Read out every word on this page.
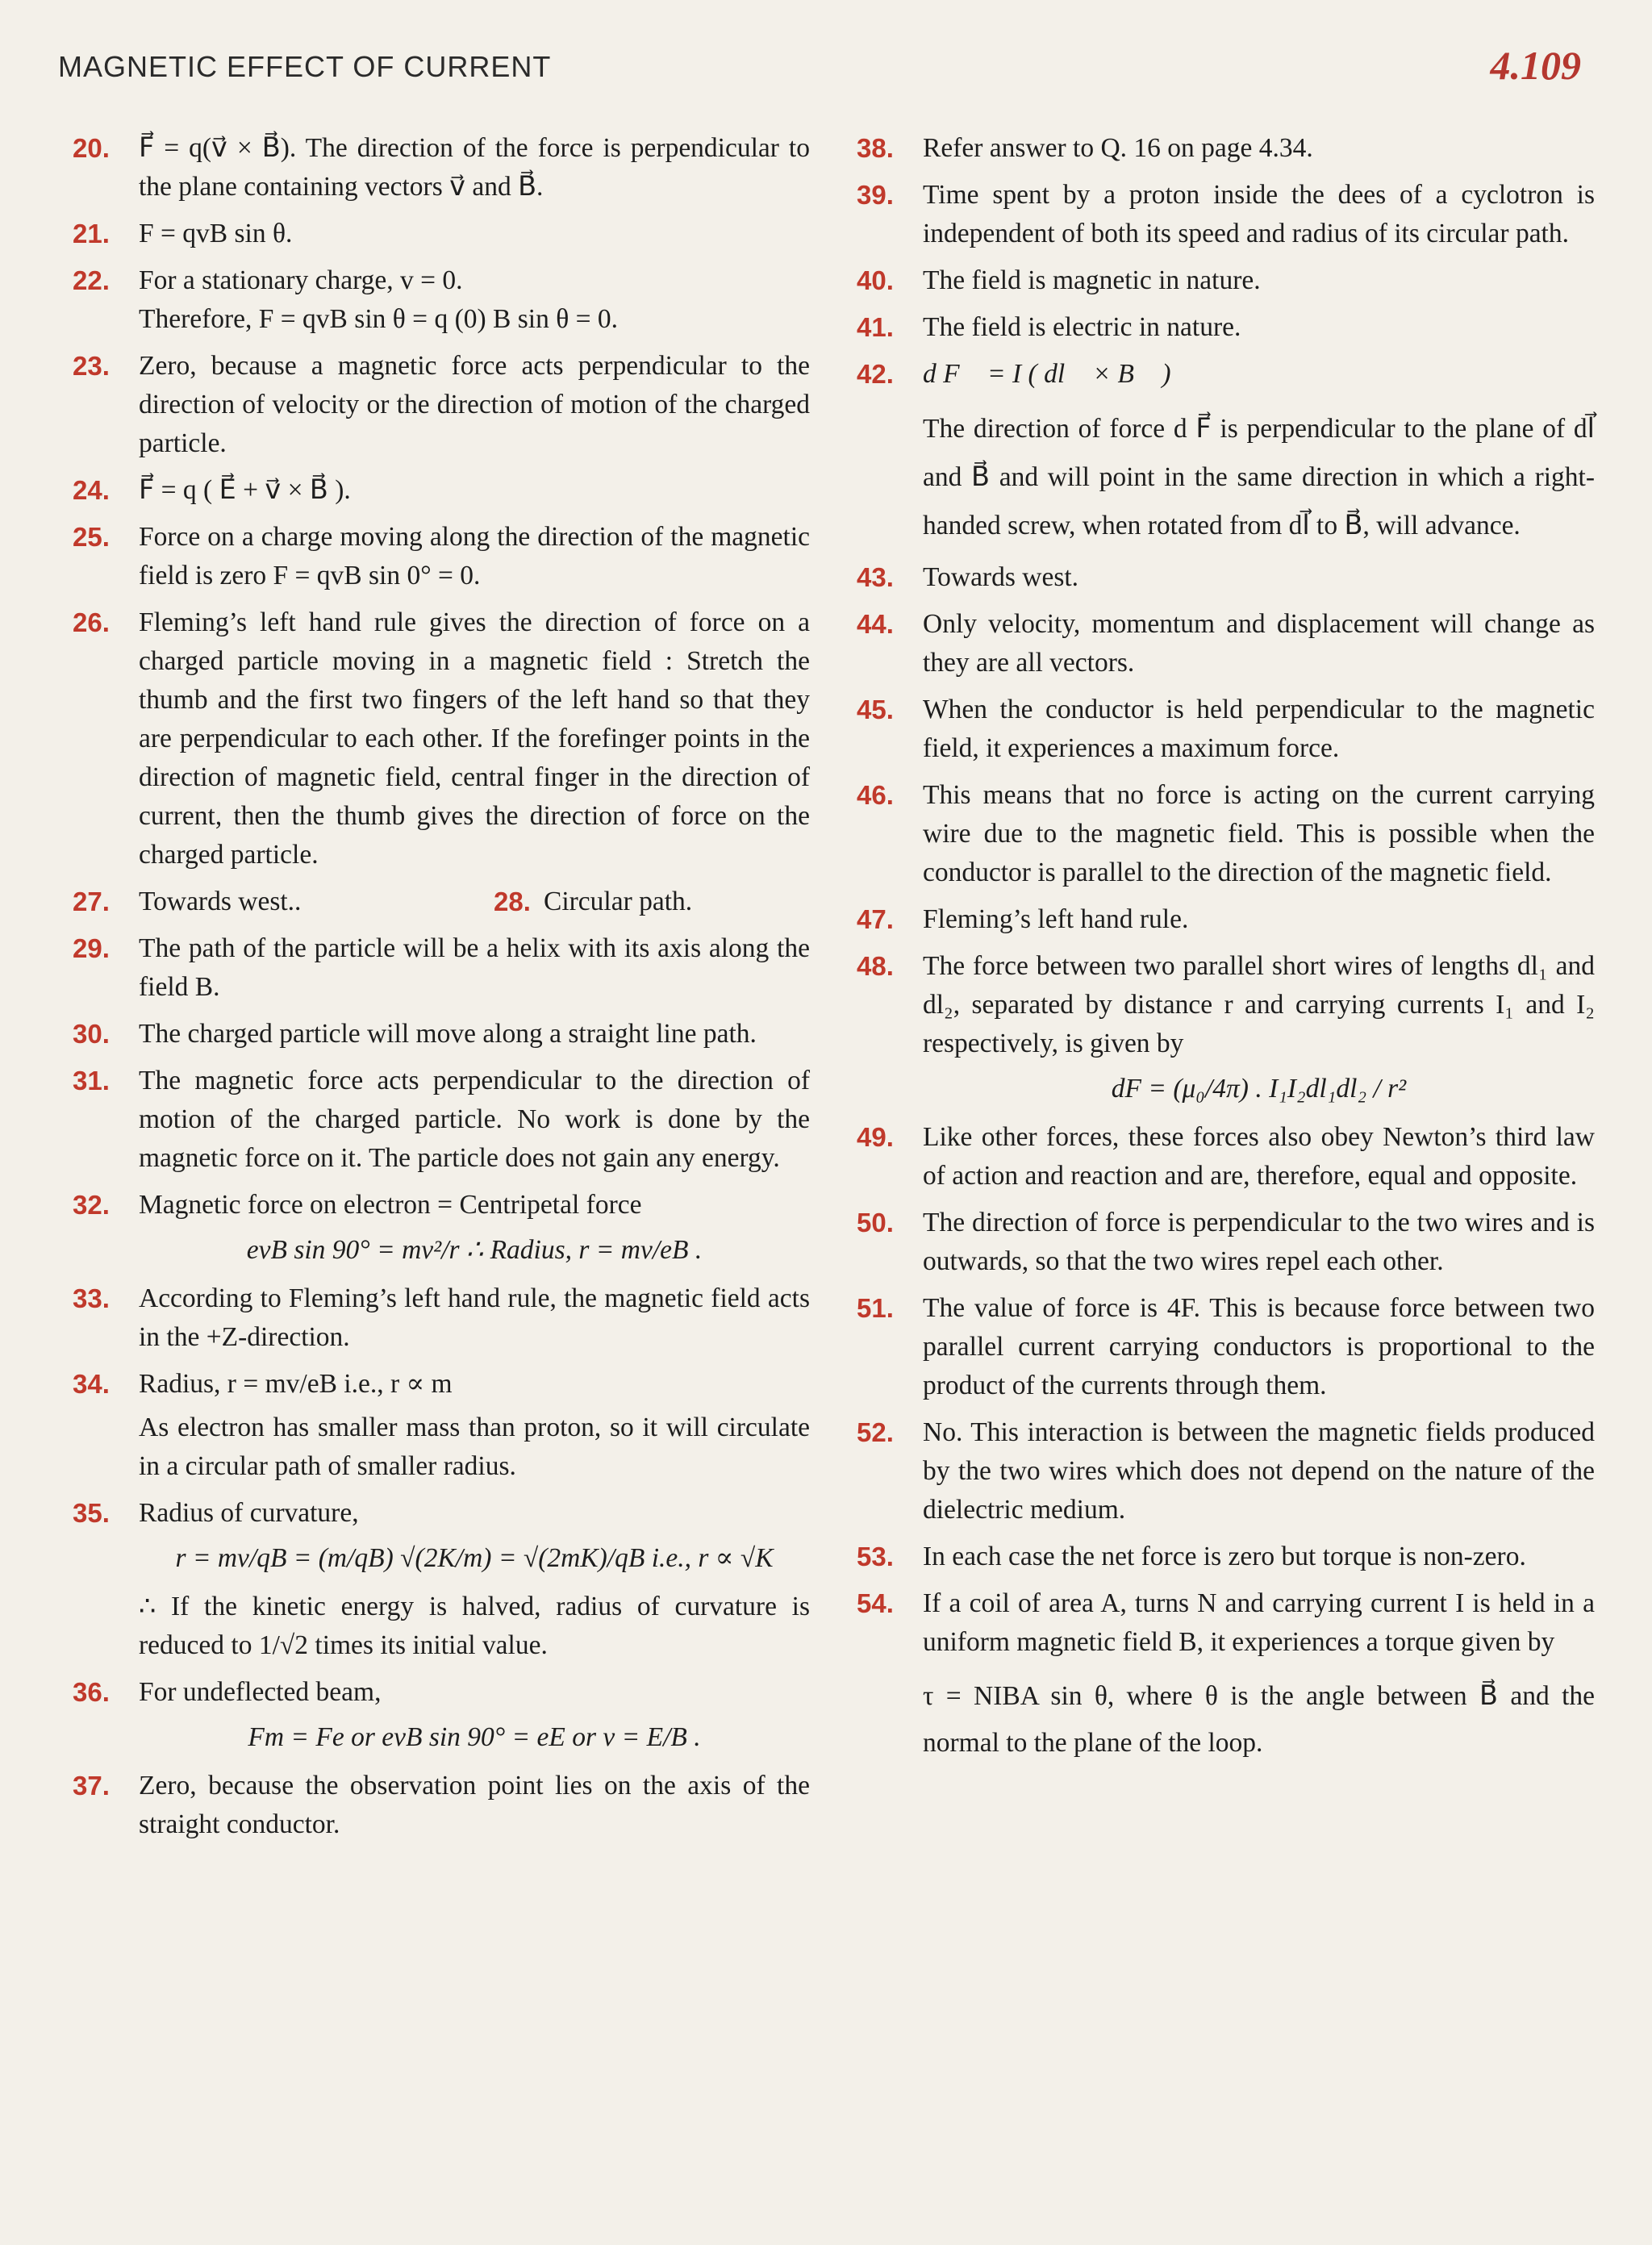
MAGNETIC EFFECT OF CURRENT	4.109
20. F⃗ = q(v⃗ × B⃗). The direction of the force is perpendicular to the plane containing vectors v⃗ and B⃗.
21. F = qvB sin θ.
22. For a stationary charge, v = 0.
Therefore, F = qvB sin θ = q (0) B sin θ = 0.
23. Zero, because a magnetic force acts perpendicular to the direction of velocity or the direction of motion of the charged particle.
24. F⃗ = q ( E⃗ + v⃗ × B⃗ ).
25. Force on a charge moving along the direction of the magnetic field is zero F = qvB sin 0° = 0.
26. Fleming’s left hand rule gives the direction of force on a charged particle moving in a magnetic field : Stretch the thumb and the first two fingers of the left hand so that they are perpendicular to each other. If the forefinger points in the direction of magnetic field, central finger in the direction of current, then the thumb gives the direction of force on the charged particle.
27. Towards west..	28. Circular path.
29. The path of the particle will be a helix with its axis along the field B.
30. The charged particle will move along a straight line path.
31. The magnetic force acts perpendicular to the direction of motion of the charged particle. No work is done by the magnetic force on it. The particle does not gain any energy.
32. Magnetic force on electron = Centripetal force
evB sin 90° = mv²/r ∴ Radius, r = mv/eB .
33. According to Fleming’s left hand rule, the magnetic field acts in the +Z-direction.
34. Radius, r = mv/eB i.e., r ∝ m
As electron has smaller mass than proton, so it will circulate in a circular path of smaller radius.
35. Radius of curvature,
r = mv/qB = (m/qB) √(2K/m) = √(2mK)/qB i.e., r ∝ √K
∴ If the kinetic energy is halved, radius of curvature is reduced to 1/√2 times its initial value.
36. For undeflected beam,
Fm = Fe or evB sin 90° = eE or v = E/B .
37. Zero, because the observation point lies on the axis of the straight conductor.
38. Refer answer to Q. 16 on page 4.34.
39. Time spent by a proton inside the dees of a cyclotron is independent of both its speed and radius of its circular path.
40. The field is magnetic in nature.
41. The field is electric in nature.
42. d F⃗ = I ( dl⃗ × B⃗ )
The direction of force d F⃗ is perpendicular to the plane of dl⃗ and B⃗ and will point in the same direction in which a right-handed screw, when rotated from dl⃗ to B⃗, will advance.
43. Towards west.
44. Only velocity, momentum and displacement will change as they are all vectors.
45. When the conductor is held perpendicular to the magnetic field, it experiences a maximum force.
46. This means that no force is acting on the current carrying wire due to the magnetic field. This is possible when the conductor is parallel to the direction of the magnetic field.
47. Fleming’s left hand rule.
48. The force between two parallel short wires of lengths dl₁ and dl₂, separated by distance r and carrying currents I₁ and I₂ respectively, is given by
dF = (μ₀/4π) . I₁I₂dl₁dl₂ / r²
49. Like other forces, these forces also obey Newton’s third law of action and reaction and are, therefore, equal and opposite.
50. The direction of force is perpendicular to the two wires and is outwards, so that the two wires repel each other.
51. The value of force is 4F. This is because force between two parallel current carrying conductors is proportional to the product of the currents through them.
52. No. This interaction is between the magnetic fields produced by the two wires which does not depend on the nature of the dielectric medium.
53. In each case the net force is zero but torque is non-zero.
54. If a coil of area A, turns N and carrying current I is held in a uniform magnetic field B, it experiences a torque given by
τ = NIBA sin θ, where θ is the angle between B⃗ and the normal to the plane of the loop.
